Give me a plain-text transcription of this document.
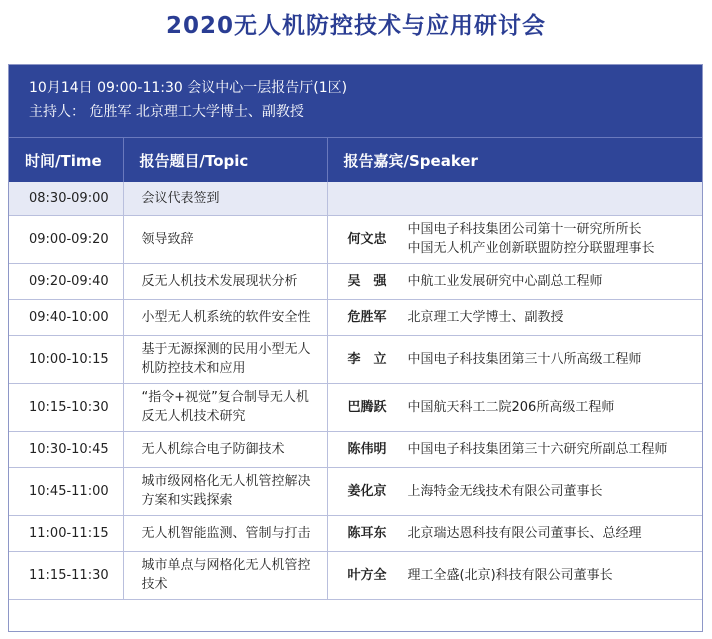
2020无人机防控技术与应用研讨会
10月14日 09:00-11:30 会议中心一层报告厅(1区)
主持人： 危胜军 北京理工大学博士、副教授
时间/Time	报告题目/Topic	报告嘉宾/Speaker
08:30-09:00	会议代表签到	

09:00-09:20	领导致辞	何文忠
中国电子科技集团公司第十一研究所所长
中国无人机产业创新联盟防控分联盟理事长

09:20-09:40	反无人机技术发展现状分析	吴　强 中航工业发展研究中心副总工程师

09:40-10:00	小型无人机系统的软件安全性	危胜军 北京理工大学博士、副教授

10:00-10:15	基于无源探测的民用小型无人机防控技术和应用	李　立 中国电子科技集团第三十八所高级工程师

10:15-10:30	“指令+视觉”复合制导无人机反无人机技术研究	巴腾跃 中国航天科工二院206所高级工程师

10:30-10:45	无人机综合电子防御技术	陈伟明 中国电子科技集团第三十六研究所副总工程师

10:45-11:00	城市级网格化无人机管控解决方案和实践探索	姜化京 上海特金无线技术有限公司董事长

11:00-11:15	无人机智能监测、管制与打击	陈耳东 北京瑞达恩科技有限公司董事长、总经理

11:15-11:30	城市单点与网格化无人机管控技术	叶方全 理工全盛(北京)科技有限公司董事长
